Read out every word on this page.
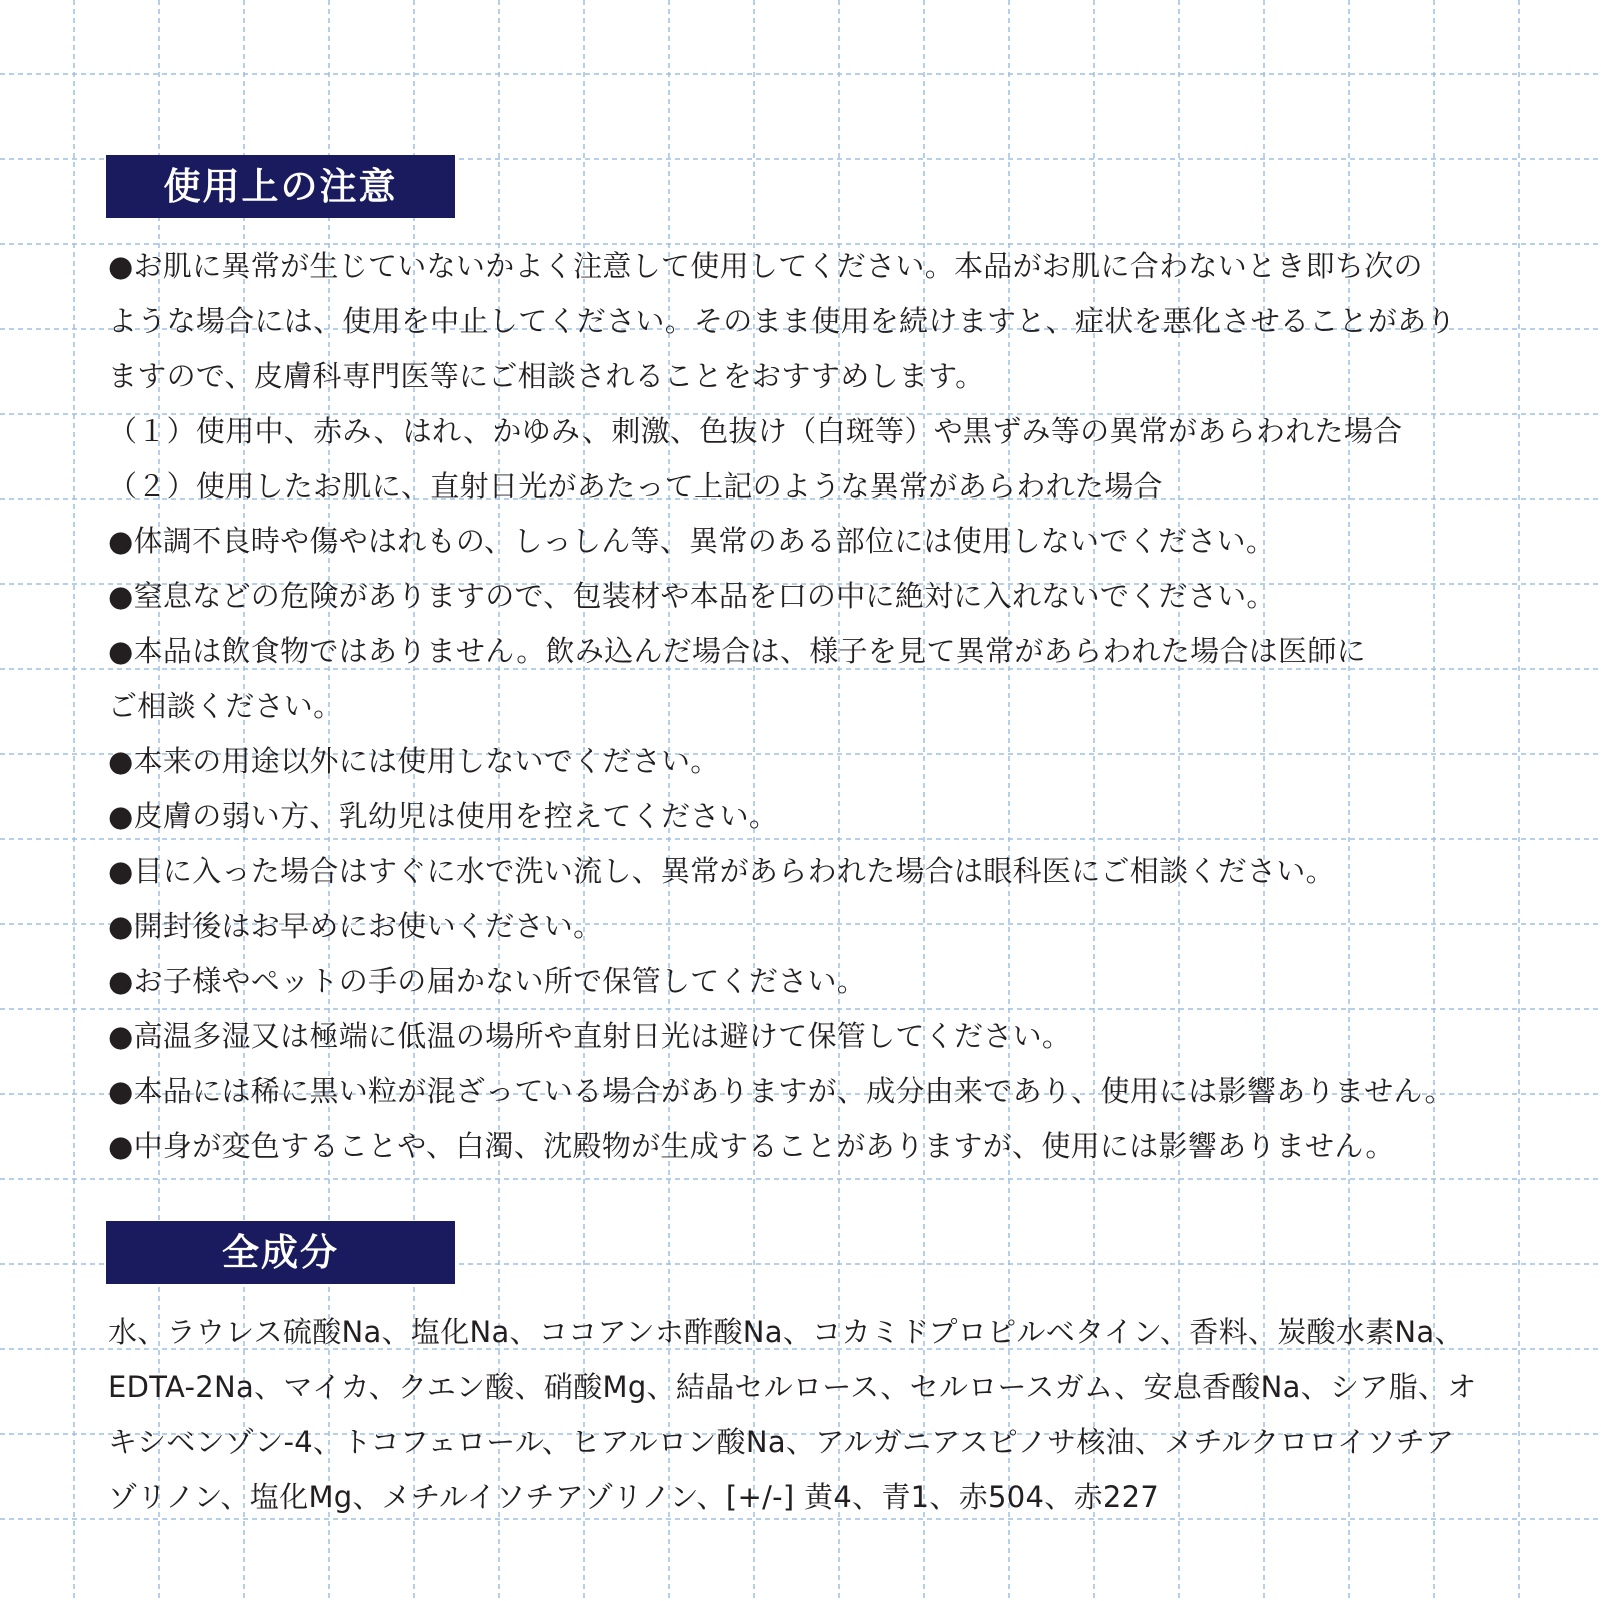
使用上の注意
●お肌に異常が生じていないかよく注意して使用してください。本品がお肌に合わないとき即ち次の
ような場合には、使用を中止してください。そのまま使用を続けますと、症状を悪化させることがあり
ますので、皮膚科専門医等にご相談されることをおすすめします。
（１）使用中、赤み、はれ、かゆみ、刺激、色抜け（白斑等）や黒ずみ等の異常があらわれた場合
（２）使用したお肌に、直射日光があたって上記のような異常があらわれた場合
●体調不良時や傷やはれもの、しっしん等、異常のある部位には使用しないでください。
●窒息などの危険がありますので、包装材や本品を口の中に絶対に入れないでください。
●本品は飲食物ではありません。飲み込んだ場合は、様子を見て異常があらわれた場合は医師に
ご相談ください。
●本来の用途以外には使用しないでください。
●皮膚の弱い方、乳幼児は使用を控えてください。
●目に入った場合はすぐに水で洗い流し、異常があらわれた場合は眼科医にご相談ください。
●開封後はお早めにお使いください。
●お子様やペットの手の届かない所で保管してください。
●高温多湿又は極端に低温の場所や直射日光は避けて保管してください。
●本品には稀に黒い粒が混ざっている場合がありますが、成分由来であり、使用には影響ありません。
●中身が変色することや、白濁、沈殿物が生成することがありますが、使用には影響ありません。
全成分
水、ラウレス硫酸Na、塩化Na、ココアンホ酢酸Na、コカミドプロピルベタイン、香料、炭酸水素Na、
EDTA-2Na、マイカ、クエン酸、硝酸Mg、結晶セルロース、セルロースガム、安息香酸Na、シア脂、オ
キシベンゾン-4、トコフェロール、ヒアルロン酸Na、アルガニアスピノサ核油、メチルクロロイソチア
ゾリノン、塩化Mg、メチルイソチアゾリノン、[+/-] 黄4、青1、赤504、赤227
